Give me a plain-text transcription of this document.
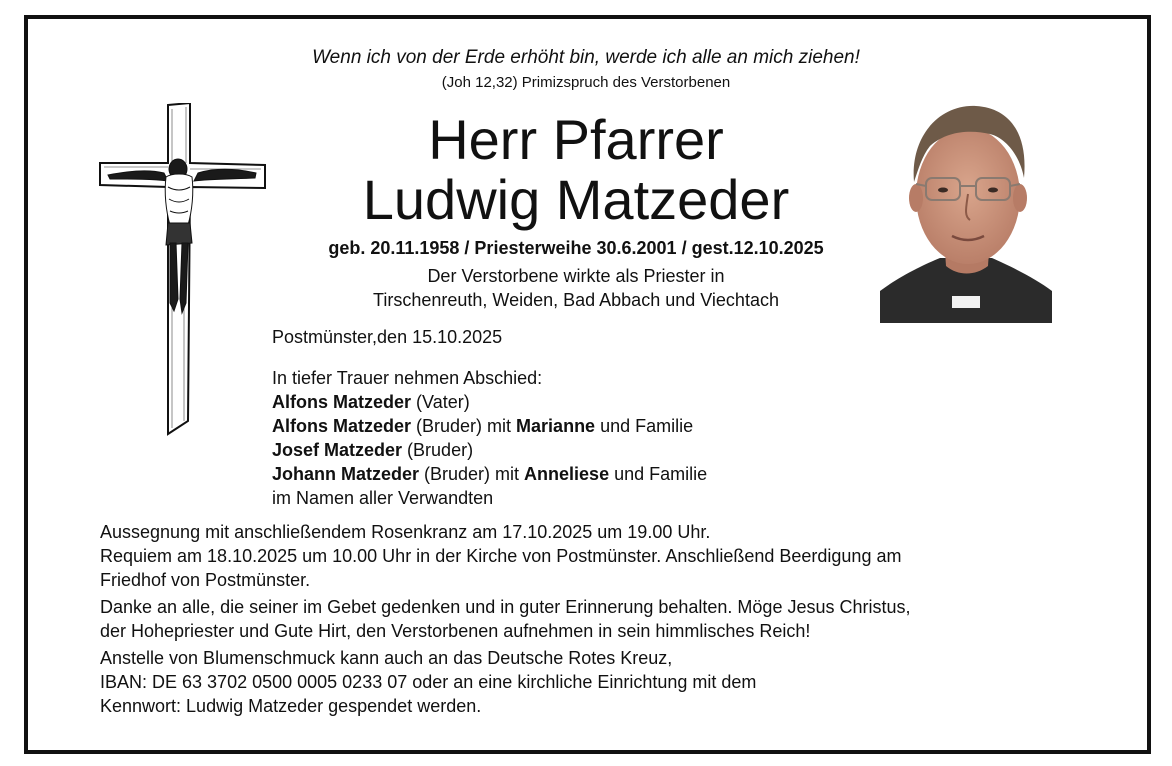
Wenn ich von der Erde erhöht bin, werde ich alle an mich ziehen!
(Joh 12,32) Primizspruch des Verstorbenen
Herr Pfarrer
Ludwig Matzeder
geb. 20.11.1958 / Priesterweihe 30.6.2001 / gest.12.10.2025
Der Verstorbene wirkte als Priester in
Tirschenreuth, Weiden, Bad Abbach und Viechtach
Postmünster,den 15.10.2025
In tiefer Trauer nehmen Abschied:
Alfons Matzeder (Vater)
Alfons Matzeder (Bruder) mit Marianne und Familie
Josef Matzeder (Bruder)
Johann Matzeder (Bruder) mit Anneliese und Familie
im Namen aller Verwandten

Aussegnung mit anschließendem Rosenkranz am 17.10.2025 um 19.00 Uhr.
Requiem am 18.10.2025 um 10.00 Uhr in der Kirche von Postmünster. Anschließend Beerdigung am
Friedhof von Postmünster.

Danke an alle, die seiner im Gebet gedenken und in guter Erinnerung behalten. Möge Jesus Christus,
der Hohepriester und Gute Hirt, den Verstorbenen aufnehmen in sein himmlisches Reich!

Anstelle von Blumenschmuck kann auch an das Deutsche Rotes Kreuz,
IBAN: DE 63 3702 0500 0005 0233 07 oder an eine kirchliche Einrichtung mit dem
Kennwort: Ludwig Matzeder gespendet werden.
